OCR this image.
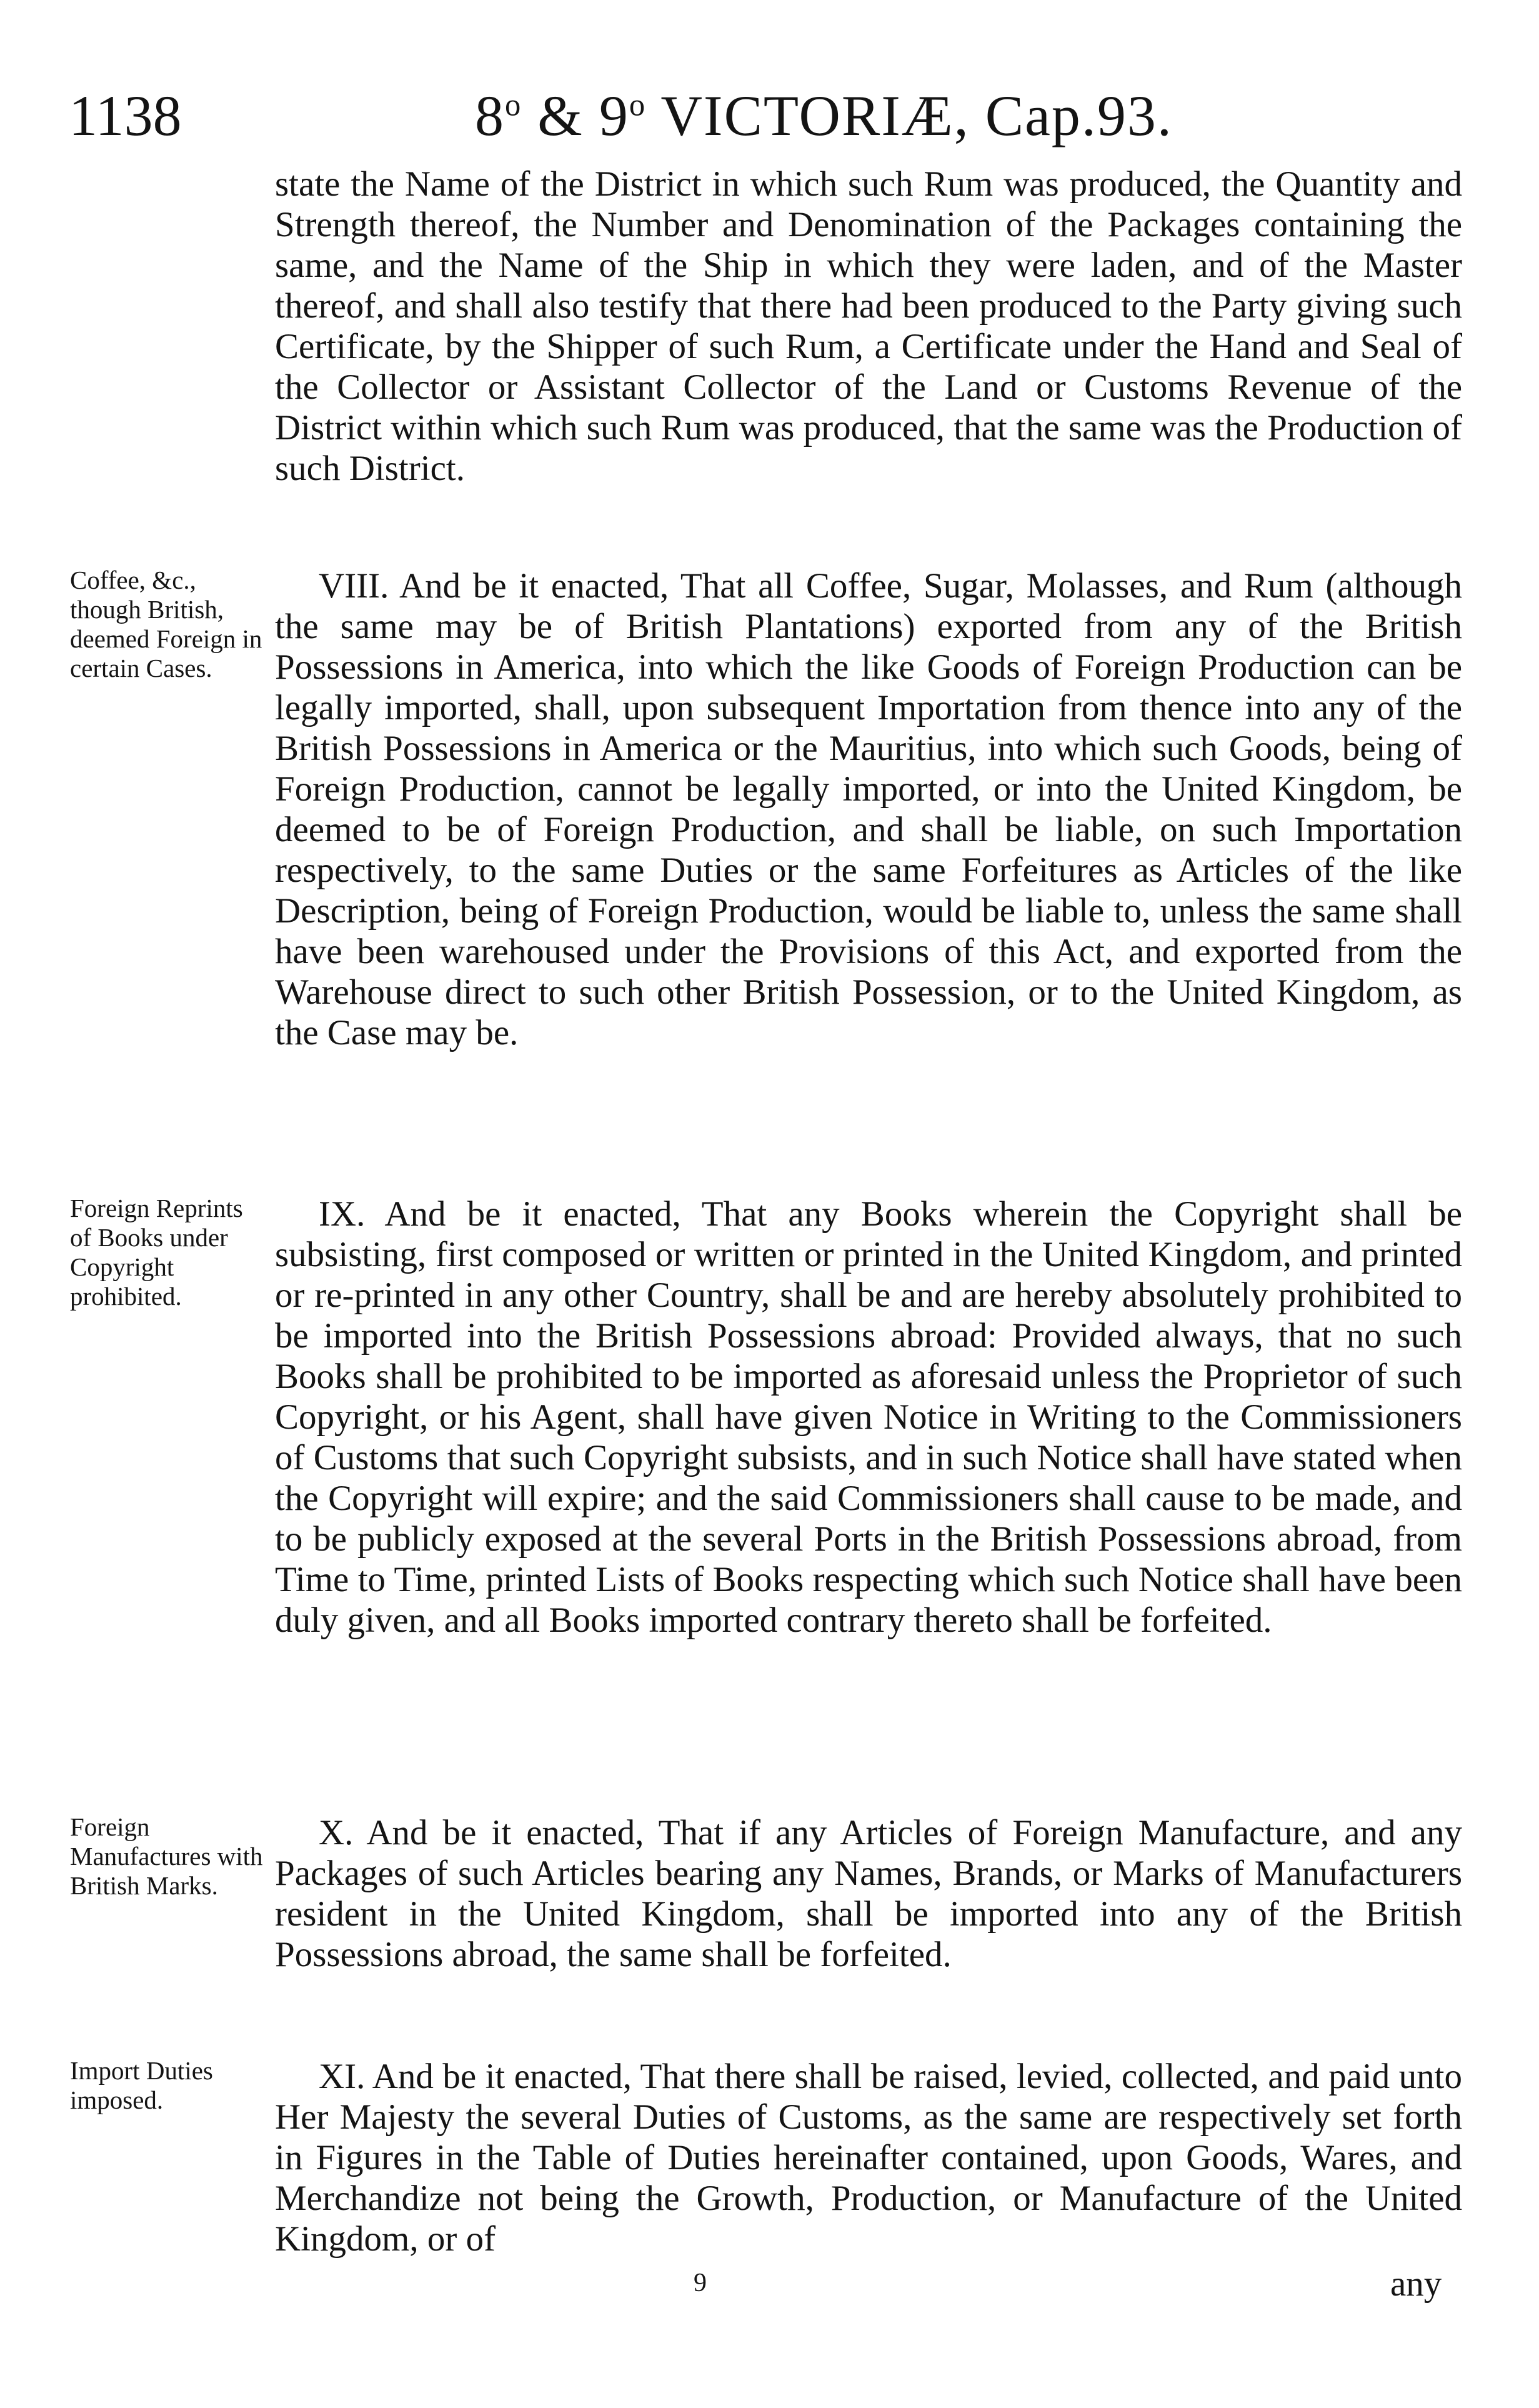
1138	8$^o$ & 9$^o$ VICTORIÆ, Cap.93.

state the Name of the District in which such Rum was produced, the Quantity and Strength thereof, the Number and Denomination of the Packages containing the same, and the Name of the Ship in which they were laden, and of the Master thereof, and shall also testify that there had been produced to the Party giving such Certificate, by the Shipper of such Rum, a Certificate under the Hand and Seal of the Collector or Assistant Collector of the Land or Customs Revenue of the District within which such Rum was produced, that the same was the Production of such District.

Coffee, &c., though British, deemed Foreign in certain Cases.

VIII. And be it enacted, That all Coffee, Sugar, Molasses, and Rum (although the same may be of British Plantations) exported from any of the British Possessions in America, into which the like Goods of Foreign Production can be legally imported, shall, upon subsequent Importation from thence into any of the British Possessions in America or the Mauritius, into which such Goods, being of Foreign Production, cannot be legally imported, or into the United Kingdom, be deemed to be of Foreign Production, and shall be liable, on such Importation respectively, to the same Duties or the same Forfeitures as Articles of the like Description, being of Foreign Production, would be liable to, unless the same shall have been warehoused under the Provisions of this Act, and exported from the Warehouse direct to such other British Possession, or to the United Kingdom, as the Case may be.

Foreign Reprints of Books under Copyright prohibited.

IX. And be it enacted, That any Books wherein the Copyright shall be subsisting, first composed or written or printed in the United Kingdom, and printed or re-printed in any other Country, shall be and are hereby absolutely prohibited to be imported into the British Possessions abroad: Provided always, that no such Books shall be prohibited to be imported as aforesaid unless the Proprietor of such Copyright, or his Agent, shall have given Notice in Writing to the Commissioners of Customs that such Copyright subsists, and in such Notice shall have stated when the Copyright will expire; and the said Commissioners shall cause to be made, and to be publicly exposed at the several Ports in the British Possessions abroad, from Time to Time, printed Lists of Books respecting which such Notice shall have been duly given, and all Books imported contrary thereto shall be forfeited.

Foreign Manufactures with British Marks.

X. And be it enacted, That if any Articles of Foreign Manufacture, and any Packages of such Articles bearing any Names, Brands, or Marks of Manufacturers resident in the United Kingdom, shall be imported into any of the British Possessions abroad, the same shall be forfeited.

Import Duties imposed.

XI. And be it enacted, That there shall be raised, levied, collected, and paid unto Her Majesty the several Duties of Customs, as the same are respectively set forth in Figures in the Table of Duties hereinafter contained, upon Goods, Wares, and Merchandize not being the Growth, Production, or Manufacture of the United Kingdom, or of

9	any
